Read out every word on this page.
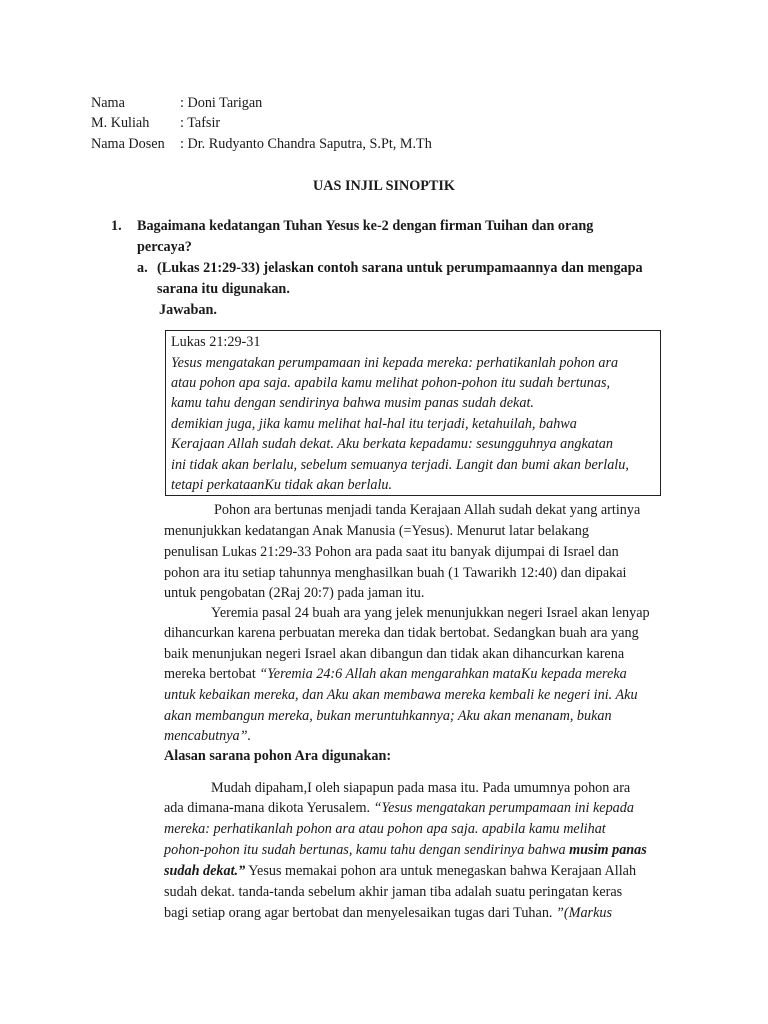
Nama	: Doni Tarigan
M. Kuliah : Tafsir
Nama Dosen : Dr. Rudyanto Chandra Saputra, S.Pt, M.Th
UAS INJIL SINOPTIK
1. Bagaimana kedatangan Tuhan Yesus ke-2 dengan firman Tuihan dan orang
percaya?
a. (Lukas 21:29-33) jelaskan contoh sarana untuk perumpamaannya dan mengapa
sarana itu digunakan.
Jawaban.
Lukas 21:29-31
Yesus mengatakan perumpamaan ini kepada mereka: perhatikanlah pohon ara
atau pohon apa saja. apabila kamu melihat pohon-pohon itu sudah bertunas,
kamu tahu dengan sendirinya bahwa musim panas sudah dekat.
demikian juga, jika kamu melihat hal-hal itu terjadi, ketahuilah, bahwa
Kerajaan Allah sudah dekat. Aku berkata kepadamu: sesungguhnya angkatan
ini tidak akan berlalu, sebelum semuanya terjadi. Langit dan bumi akan berlalu,
tetapi perkataanKu tidak akan berlalu.
Pohon ara bertunas menjadi tanda Kerajaan Allah sudah dekat yang artinya
menunjukkan kedatangan Anak Manusia (=Yesus). Menurut latar belakang
penulisan Lukas 21:29-33 Pohon ara pada saat itu banyak dijumpai di Israel dan
pohon ara itu setiap tahunnya menghasilkan buah (1 Tawarikh 12:40) dan dipakai
untuk pengobatan (2Raj 20:7) pada jaman itu.
Yeremia pasal 24 buah ara yang jelek menunjukkan negeri Israel akan lenyap
dihancurkan karena perbuatan mereka dan tidak bertobat. Sedangkan buah ara yang
baik menunjukan negeri Israel akan dibangun dan tidak akan dihancurkan karena
mereka bertobat “Yeremia 24:6 Allah akan mengarahkan mataKu kepada mereka
untuk kebaikan mereka, dan Aku akan membawa mereka kembali ke negeri ini. Aku
akan membangun mereka, bukan meruntuhkannya; Aku akan menanam, bukan
mencabutnya”.
Alasan sarana pohon Ara digunakan:
Mudah dipaham,I oleh siapapun pada masa itu. Pada umumnya pohon ara
ada dimana-mana dikota Yerusalem. “Yesus mengatakan perumpamaan ini kepada
mereka: perhatikanlah pohon ara atau pohon apa saja. apabila kamu melihat
pohon-pohon itu sudah bertunas, kamu tahu dengan sendirinya bahwa musim panas
sudah dekat.” Yesus memakai pohon ara untuk menegaskan bahwa Kerajaan Allah
sudah dekat. tanda-tanda sebelum akhir jaman tiba adalah suatu peringatan keras
bagi setiap orang agar bertobat dan menyelesaikan tugas dari Tuhan. ”(Markus
